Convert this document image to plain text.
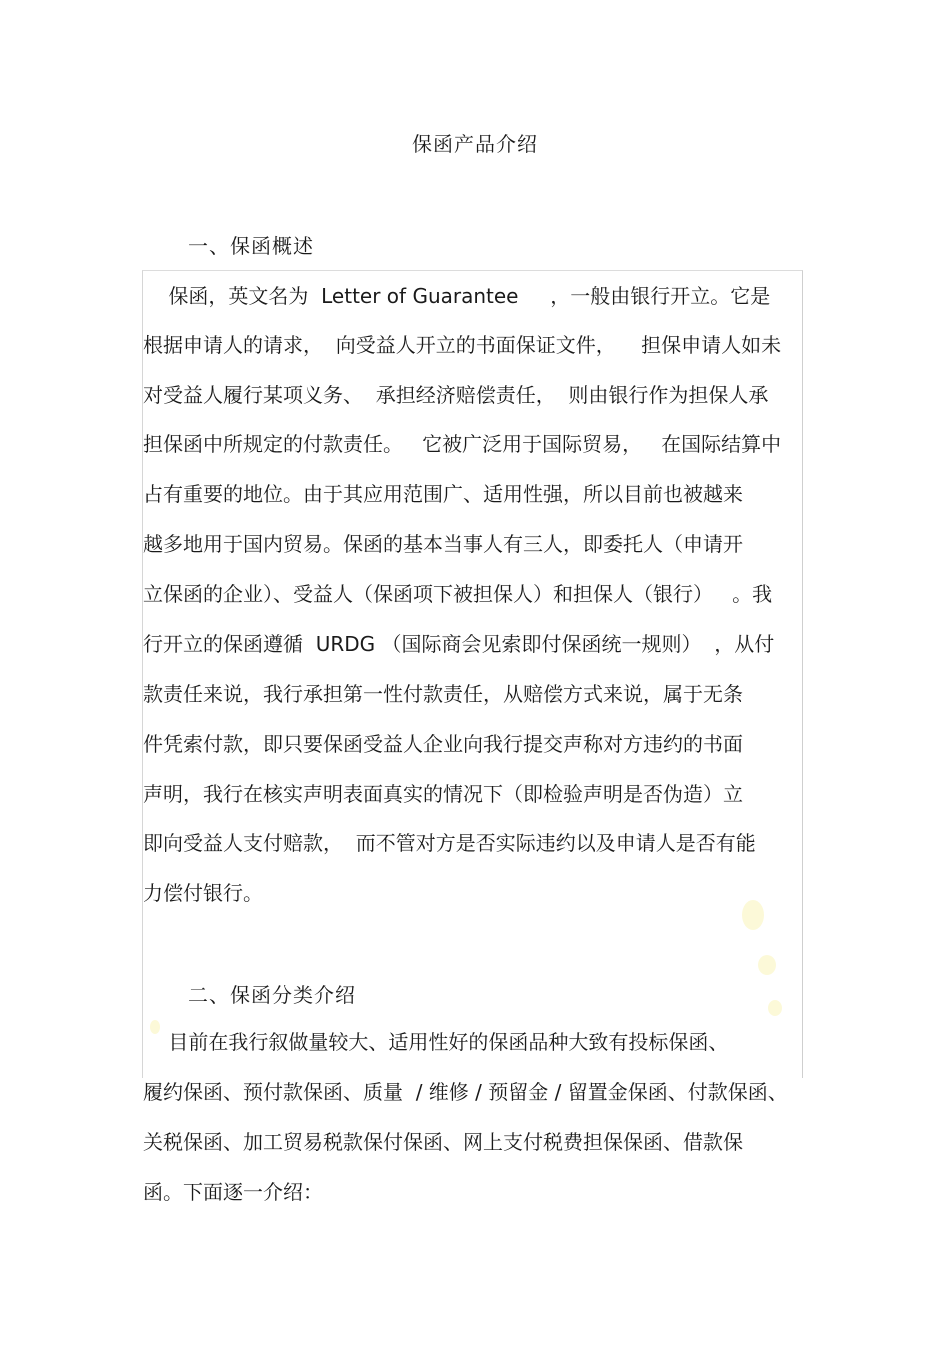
保函产品介绍
一、保函概述
保函，英文名为  Letter of Guarantee     ，一般由银行开立。它是
根据申请人的请求，  向受益人开立的书面保证文件，    担保申请人如未
对受益人履行某项义务、  承担经济赔偿责任，  则由银行作为担保人承
担保函中所规定的付款责任。   它被广泛用于国际贸易，   在国际结算中
占有重要的地位。由于其应用范围广、适用性强，所以目前也被越来
越多地用于国内贸易。保函的基本当事人有三人，即委托人（申请开
立保函的企业）、受益人（保函项下被担保人）和担保人（银行）   。我
行开立的保函遵循  URDG （国际商会见索即付保函统一规则）  ，从付
款责任来说，我行承担第一性付款责任，从赔偿方式来说，属于无条
件凭索付款，即只要保函受益人企业向我行提交声称对方违约的书面
声明，我行在核实声明表面真实的情况下（即检验声明是否伪造）立
即向受益人支付赔款，  而不管对方是否实际违约以及申请人是否有能
力偿付银行。
二、保函分类介绍
目前在我行叙做量较大、适用性好的保函品种大致有投标保函、
履约保函、预付款保函、质量  / 维修 / 预留金 / 留置金保函、付款保函、
关税保函、加工贸易税款保付保函、网上支付税费担保保函、借款保
函。下面逐一介绍：
